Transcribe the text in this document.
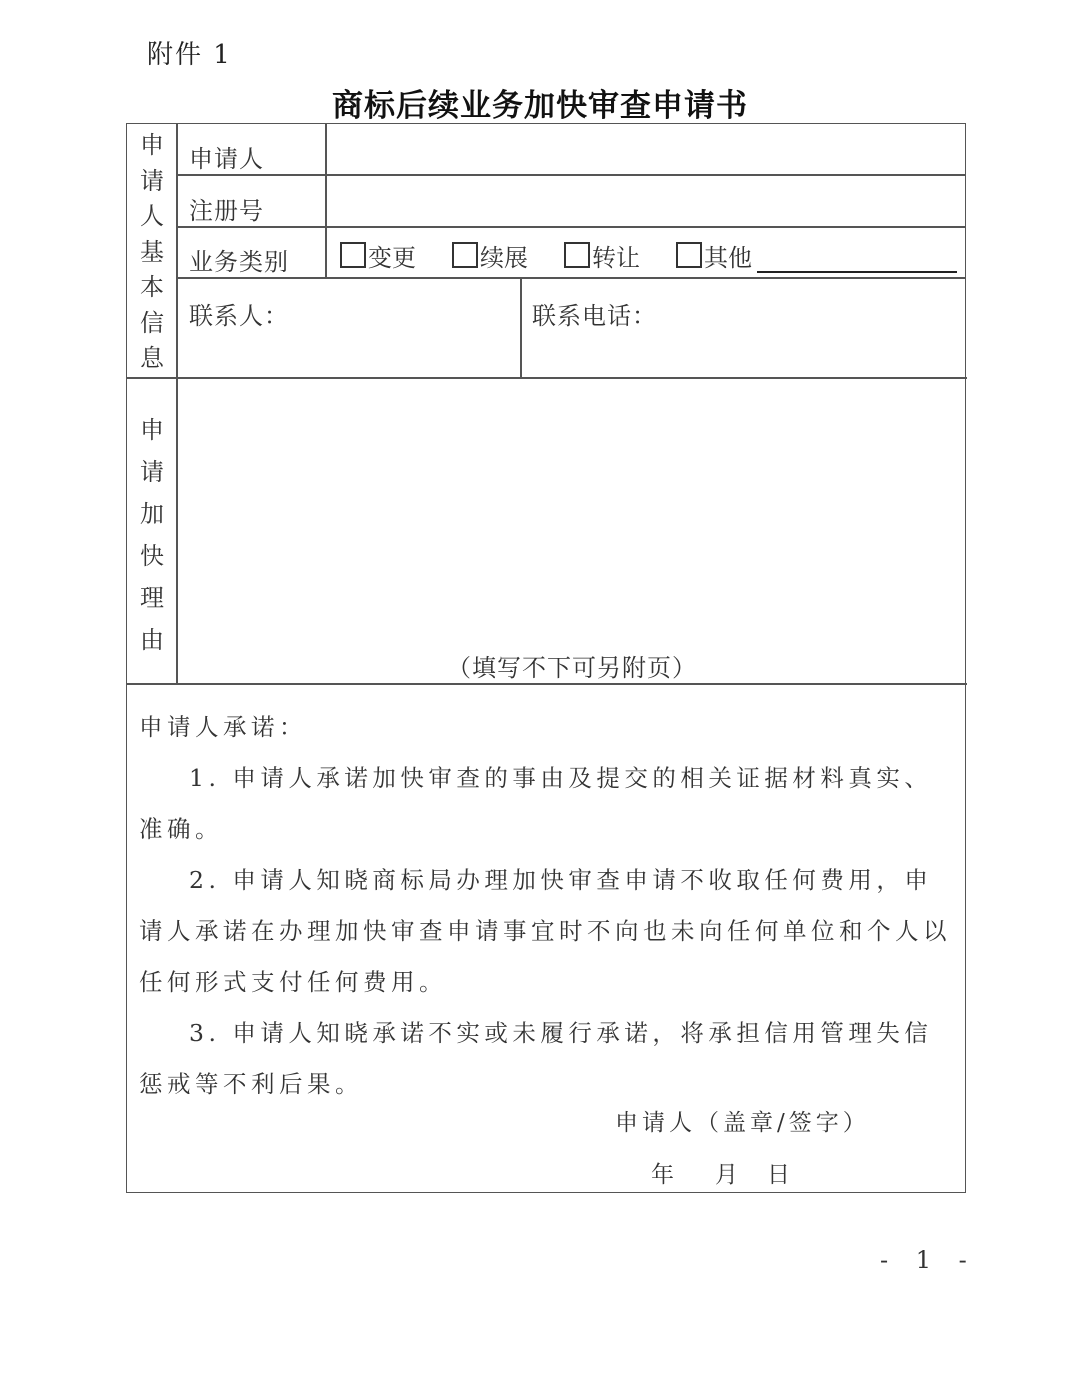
附件 1
商标后续业务加快审查申请书
申
请
人
基
本
信
息
申请人
注册号
业务类别	变更	续展	转让	其他
联系人：	联系电话：
申
请
加
快
理
由
（填写不下可另附页）

申请人承诺：

1. 申请人承诺加快审查的事由及提交的相关证据材料真实、准确。

2. 申请人知晓商标局办理加快审查申请不收取任何费用，申请人承诺在办理加快审查申请事宜时不向也未向任何单位和个人以任何形式支付任何费用。

3. 申请人知晓承诺不实或未履行承诺，将承担信用管理失信惩戒等不利后果。

申请人（盖章/签字）
年 月 日
- 1 -
